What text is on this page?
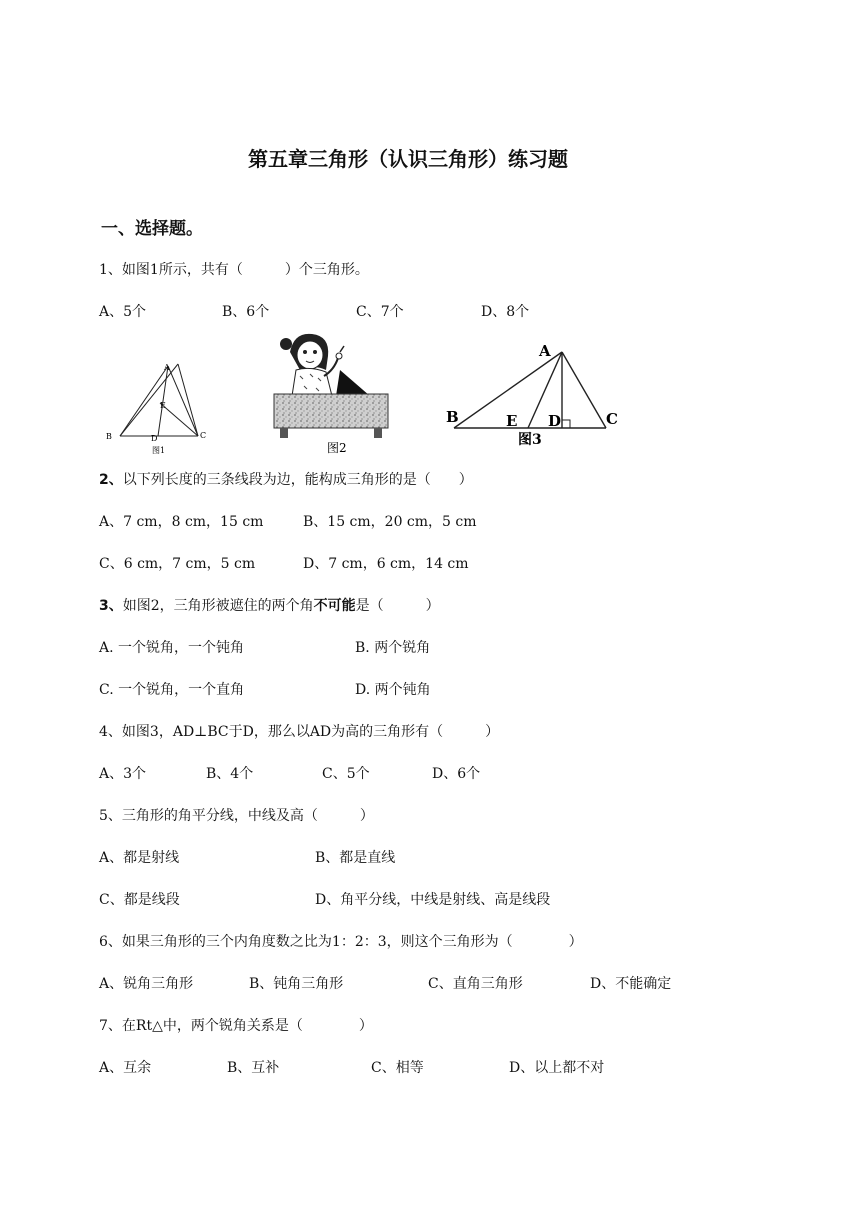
第五章三角形（认识三角形）练习题
一、选择题。
1、如图1所示，共有（　　　）个三角形。
A、5个	B、6个	C、7个	D、8个
A
B	C
D
E
图1	图2
A
B	C
D
E
图3
2、以下列长度的三条线段为边，能构成三角形的是（　　）
A、7 cm，8 cm，15 cm	B、15 cm，20 cm，5 cm
C、6 cm，7 cm，5 cm	D、7 cm，6 cm，14 cm
3、如图2，三角形被遮住的两个角不可能是（　　　）
A. 一个锐角，一个钝角	B. 两个锐角
C. 一个锐角，一个直角	D. 两个钝角
4、如图3，AD⊥BC于D，那么以AD为高的三角形有（　　　）
A、3个	B、4个	C、5个	D、6个
5、三角形的角平分线，中线及高（　　　）
A、都是射线	B、都是直线
C、都是线段	D、角平分线，中线是射线、高是线段
6、如果三角形的三个内角度数之比为1：2：3，则这个三角形为（　　　　）
A、锐角三角形	B、钝角三角形	C、直角三角形	D、不能确定
7、在Rt△中，两个锐角关系是（　　　　）
A、互余	B、互补	C、相等	D、以上都不对
